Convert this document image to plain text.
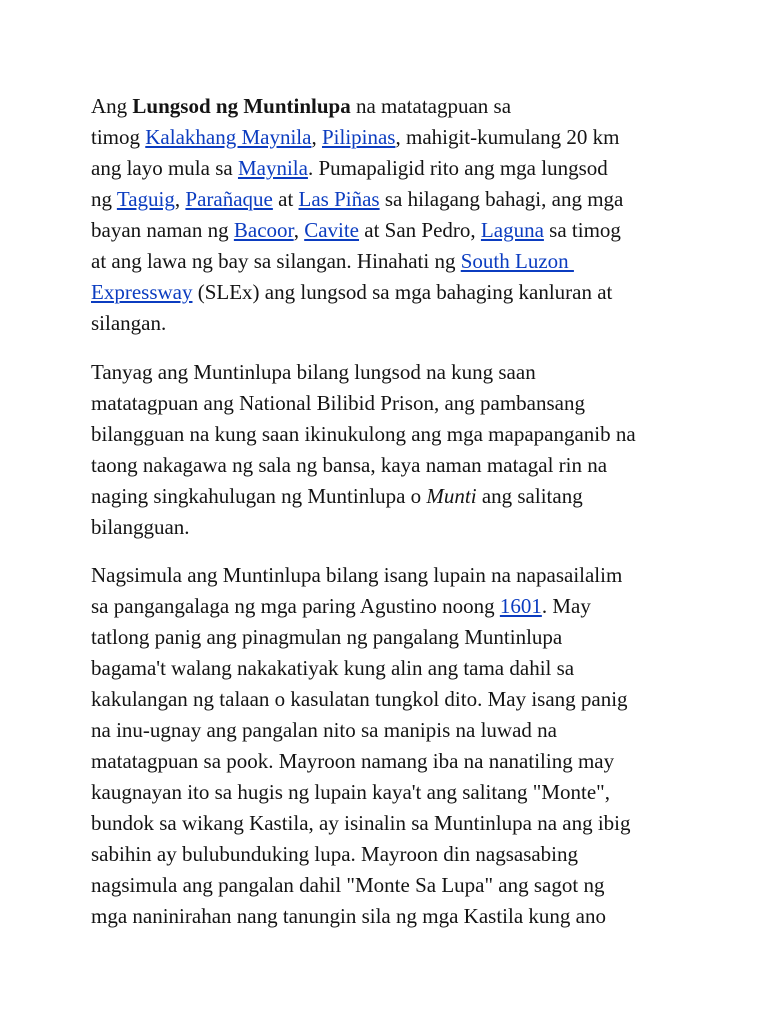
Ang Lungsod ng Muntinlupa na matatagpuan sa
timog Kalakhang Maynila, Pilipinas, mahigit-kumulang 20 km
ang layo mula sa Maynila. Pumapaligid rito ang mga lungsod
ng Taguig, Parañaque at Las Piñas sa hilagang bahagi, ang mga
bayan naman ng Bacoor, Cavite at San Pedro, Laguna sa timog
at ang lawa ng bay sa silangan. Hinahati ng South Luzon
Expressway (SLEx) ang lungsod sa mga bahaging kanluran at
silangan.
Tanyag ang Muntinlupa bilang lungsod na kung saan
matatagpuan ang National Bilibid Prison, ang pambansang
bilangguan na kung saan ikinukulong ang mga mapapanganib na
taong nakagawa ng sala ng bansa, kaya naman matagal rin na
naging singkahulugan ng Muntinlupa o Munti ang salitang
bilangguan.
Nagsimula ang Muntinlupa bilang isang lupain na napasailalim
sa pangangalaga ng mga paring Agustino noong 1601. May
tatlong panig ang pinagmulan ng pangalang Muntinlupa
bagama't walang nakakatiyak kung alin ang tama dahil sa
kakulangan ng talaan o kasulatan tungkol dito. May isang panig
na inu-ugnay ang pangalan nito sa manipis na luwad na
matatagpuan sa pook. Mayroon namang iba na nanatiling may
kaugnayan ito sa hugis ng lupain kaya't ang salitang "Monte",
bundok sa wikang Kastila, ay isinalin sa Muntinlupa na ang ibig
sabihin ay bulubunduking lupa. Mayroon din nagsasabing
nagsimula ang pangalan dahil "Monte Sa Lupa" ang sagot ng
mga naninirahan nang tanungin sila ng mga Kastila kung ano
